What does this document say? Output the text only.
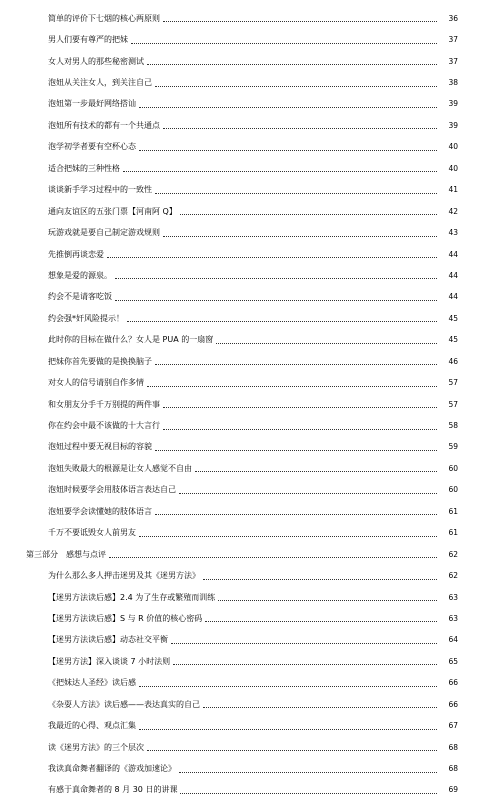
简单的评价下七烟的核心两原则	36
男人们要有尊严的把妹	37
女人对男人的那些秘密测试	37
泡妞从关注女人，到关注自己	38
泡妞第一步最好网络搭讪	39
泡妞所有技术的都有一个共通点	39
泡学初学者要有空杯心态	40
适合把妹的三种性格	40
谈谈新手学习过程中的一致性	41
通向友谊区的五张门票【河南阿 Q】	42
玩游戏就是要自己制定游戏规则	43
先推倒再谈恋爱	44
想象是爱的源泉。	44
约会不是请客吃饭	44
约会强*奸风险提示！	45
此时你的目标在做什么？女人是 PUA 的一扇窗	45
把妹你首先要做的是换换脑子	46
对女人的信号请别自作多情	57
和女朋友分手千万别提的两件事	57
你在约会中最不该做的十大言行	58
泡妞过程中要无视目标的容貌	59
泡妞失败最大的根源是让女人感觉不自由	60
泡妞时候要学会用肢体语言表达自己	60
泡妞要学会读懂她的肢体语言	61
千万不要诋毁女人前男友	61
第三部分　感想与点评	62
为什么那么多人押击迷男及其《迷男方法》	62
【迷男方法读后感】2.4 为了生存或繁殖而训练	63
【迷男方法读后感】S 与 R 价值的核心密码	63
【迷男方法读后感】动态社交平衡	64
【迷男方法】深入谈谈 7 小时法则	65
《把妹达人圣经》读后感	66
《杂耍人方法》读后感——表达真实的自己	66
我最近的心得、观点汇集	67
读《迷男方法》的三个层次	68
我读真命舞者翻译的《游戏加速论》	68
有感于真命舞者的 8 月 30 日的讲课	69
